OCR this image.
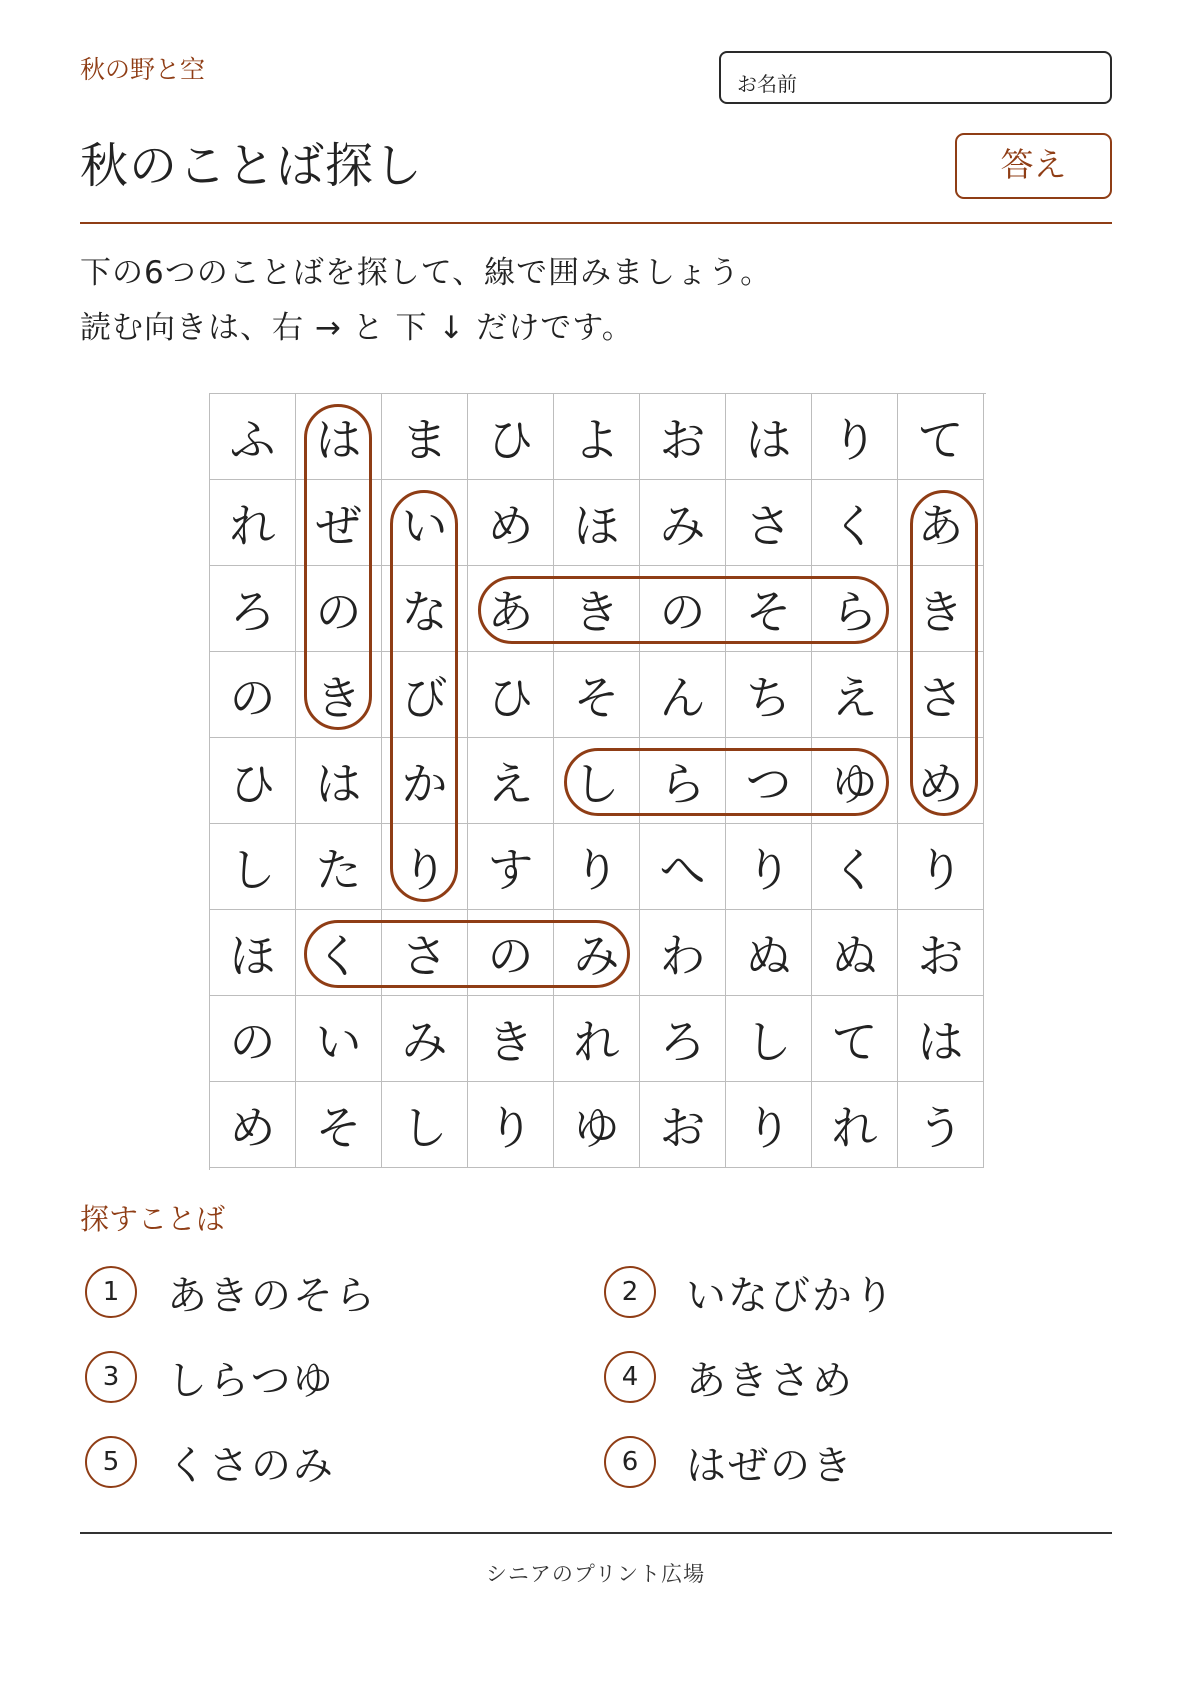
秋の野と空	お名前
秋のことば探し	答え
下の6つのことばを探して、線で囲みましょう。
読む向きは、右 → と 下 ↓ だけです。
ふ は ま ひ よ お は り て
れ ぜ い め ほ み さ く あ
ろ の な あ き の そ ら き
の き び ひ そ ん ち え さ
ひ は か え し ら つ ゆ め
し た り す り へ り く り
ほ く さ の み わ ぬ ぬ お
の い み き れ ろ し て は
め そ し り ゆ お り れ う
探すことば
1	あきのそら	2	いなびかり
3	しらつゆ	4	あきさめ
5	くさのみ	6	はぜのき
シニアのプリント広場
